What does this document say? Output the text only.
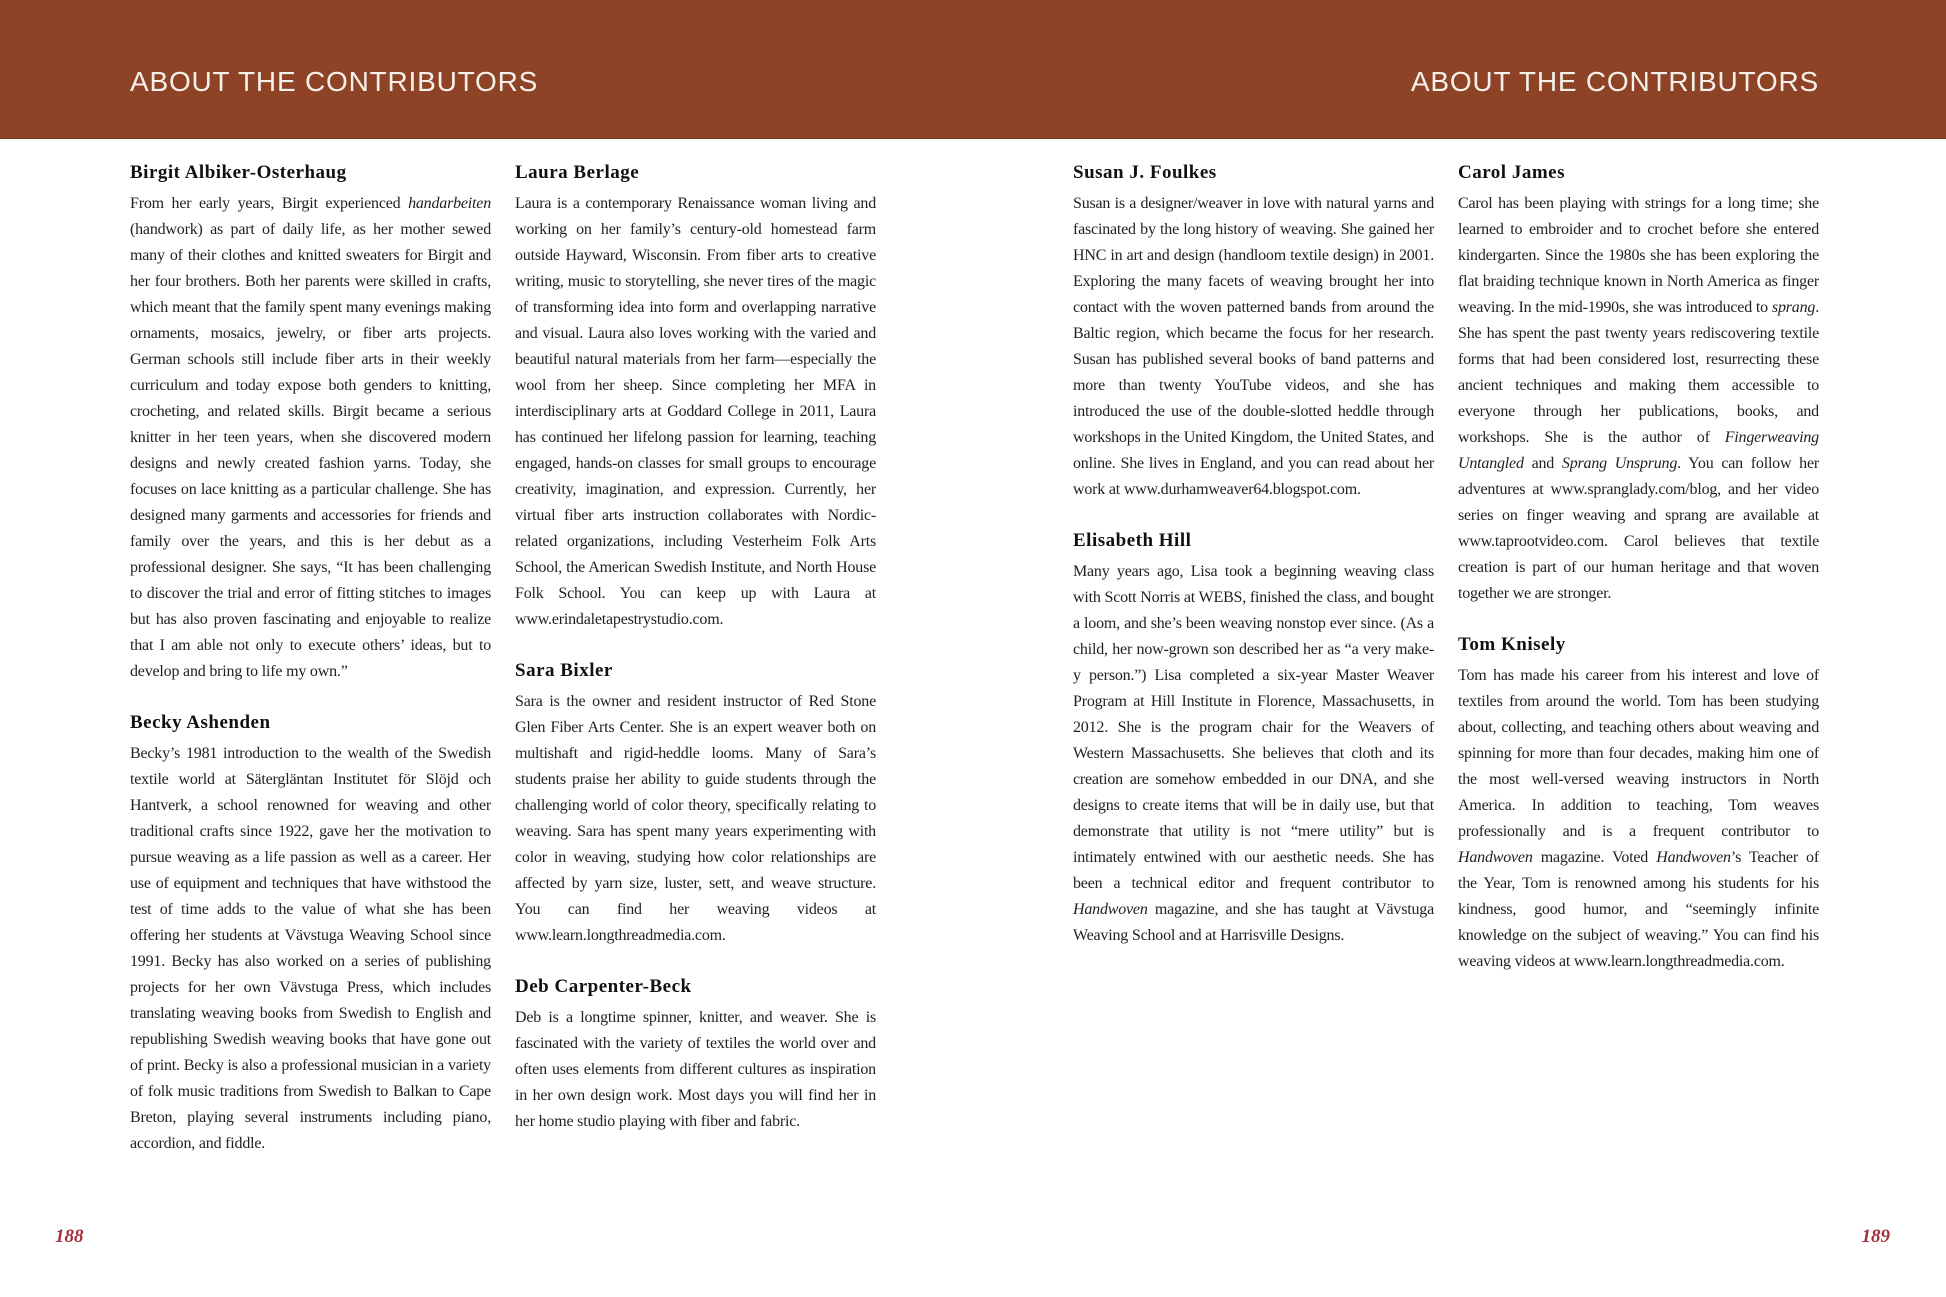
ABOUT THE CONTRIBUTORS	ABOUT THE CONTRIBUTORS
Birgit Albiker-Osterhaug

From her early years, Birgit experienced handarbeiten (handwork) as part of daily life, as her mother sewed many of their clothes and knitted sweaters for Birgit and her four brothers. Both her parents were skilled in crafts, which meant that the family spent many evenings making ornaments, mosaics, jewelry, or fiber arts projects. German schools still include fiber arts in their weekly curriculum and today expose both genders to knitting, crocheting, and related skills. Birgit became a serious knitter in her teen years, when she discovered modern designs and newly created fashion yarns. Today, she focuses on lace knitting as a particular challenge. She has designed many garments and accessories for friends and family over the years, and this is her debut as a professional designer. She says, “It has been challenging to discover the trial and error of fitting stitches to images but has also proven fascinating and enjoyable to realize that I am able not only to execute others’ ideas, but to develop and bring to life my own.”

Becky Ashenden

Becky’s 1981 introduction to the wealth of the Swedish textile world at Sätergläntan Institutet för Slöjd och Hantverk, a school renowned for weaving and other traditional crafts since 1922, gave her the motivation to pursue weaving as a life passion as well as a career. Her use of equipment and techniques that have withstood the test of time adds to the value of what she has been offering her students at Vävstuga Weaving School since 1991. Becky has also worked on a series of publishing projects for her own Vävstuga Press, which includes translating weaving books from Swedish to English and republishing Swedish weaving books that have gone out of print. Becky is also a professional musician in a variety of folk music traditions from Swedish to Balkan to Cape Breton, playing several instruments including piano, accordion, and fiddle.

Laura Berlage

Laura is a contemporary Renaissance woman living and working on her family’s century-old homestead farm outside Hayward, Wisconsin. From fiber arts to creative writing, music to storytelling, she never tires of the magic of transforming idea into form and overlapping narrative and visual. Laura also loves working with the varied and beautiful natural materials from her farm—especially the wool from her sheep. Since completing her MFA in interdisciplinary arts at Goddard College in 2011, Laura has continued her lifelong passion for learning, teaching engaged, hands-on classes for small groups to encourage creativity, imagination, and expression. Currently, her virtual fiber arts instruction collaborates with Nordic-related organizations, including Vesterheim Folk Arts School, the American Swedish Institute, and North House Folk School. You can keep up with Laura at www.erindaletapestrystudio.com.

Sara Bixler

Sara is the owner and resident instructor of Red Stone Glen Fiber Arts Center. She is an expert weaver both on multishaft and rigid-heddle looms. Many of Sara’s students praise her ability to guide students through the challenging world of color theory, specifically relating to weaving. Sara has spent many years experimenting with color in weaving, studying how color relationships are affected by yarn size, luster, sett, and weave structure. You can find her weaving videos at www.learn.longthreadmedia.com.

Deb Carpenter-Beck

Deb is a longtime spinner, knitter, and weaver. She is fascinated with the variety of textiles the world over and often uses elements from different cultures as inspiration in her own design work. Most days you will find her in her home studio playing with fiber and fabric.

Susan J. Foulkes

Susan is a designer/weaver in love with natural yarns and fascinated by the long history of weaving. She gained her HNC in art and design (handloom textile design) in 2001. Exploring the many facets of weaving brought her into contact with the woven patterned bands from around the Baltic region, which became the focus for her research. Susan has published several books of band patterns and more than twenty YouTube videos, and she has introduced the use of the double-slotted heddle through workshops in the United Kingdom, the United States, and online. She lives in England, and you can read about her work at www.durhamweaver64.blogspot.com.

Elisabeth Hill

Many years ago, Lisa took a beginning weaving class with Scott Norris at WEBS, finished the class, and bought a loom, and she’s been weaving nonstop ever since. (As a child, her now-grown son described her as “a very make-y person.”) Lisa completed a six-year Master Weaver Program at Hill Institute in Florence, Massachusetts, in 2012. She is the program chair for the Weavers of Western Massachusetts. She believes that cloth and its creation are somehow embedded in our DNA, and she designs to create items that will be in daily use, but that demonstrate that utility is not “mere utility” but is intimately entwined with our aesthetic needs. She has been a technical editor and frequent contributor to Handwoven magazine, and she has taught at Vävstuga Weaving School and at Harrisville Designs.

Carol James

Carol has been playing with strings for a long time; she learned to embroider and to crochet before she entered kindergarten. Since the 1980s she has been exploring the flat braiding technique known in North America as finger weaving. In the mid-1990s, she was introduced to sprang. She has spent the past twenty years rediscovering textile forms that had been considered lost, resurrecting these ancient techniques and making them accessible to everyone through her publications, books, and workshops. She is the author of Fingerweaving Untangled and Sprang Unsprung. You can follow her adventures at www.spranglady.com/blog, and her video series on finger weaving and sprang are available at www.taprootvideo.com. Carol believes that textile creation is part of our human heritage and that woven together we are stronger.

Tom Knisely

Tom has made his career from his interest and love of textiles from around the world. Tom has been studying about, collecting, and teaching others about weaving and spinning for more than four decades, making him one of the most well-versed weaving instructors in North America. In addition to teaching, Tom weaves professionally and is a frequent contributor to Handwoven magazine. Voted Handwoven’s Teacher of the Year, Tom is renowned among his students for his kindness, good humor, and “seemingly infinite knowledge on the subject of weaving.” You can find his weaving videos at www.learn.longthreadmedia.com.

188	189
